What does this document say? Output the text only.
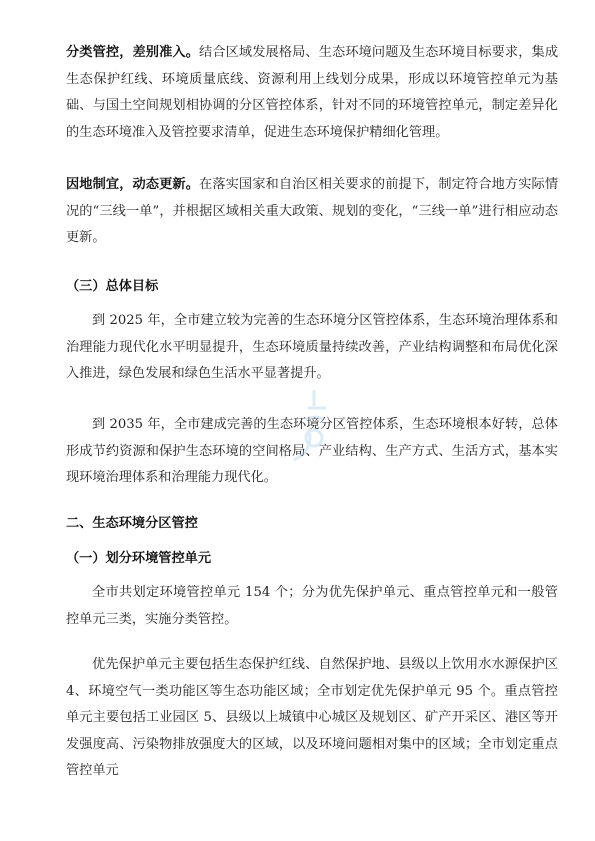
分类管控，差别准入。结合区域发展格局、生态环境问题及生态环境目标要求，集成生态保护红线、环境质量底线、资源利用上线划分成果，形成以环境管控单元为基础、与国土空间规划相协调的分区管控体系，针对不同的环境管控单元，制定差异化的生态环境准入及管控要求清单，促进生态环境保护精细化管理。

因地制宜，动态更新。在落实国家和自治区相关要求的前提下，制定符合地方实际情况的“三线一单”，并根据区域相关重大政策、规划的变化，“三线一单”进行相应动态更新。

（三）总体目标

到 2025 年，全市建立较为完善的生态环境分区管控体系，生态环境治理体系和治理能力现代化水平明显提升，生态环境质量持续改善，产业结构调整和布局优化深入推进，绿色发展和绿色生活水平显著提升。

到 2035 年，全市建成完善的生态环境分区管控体系，生态环境根本好转，总体形成节约资源和保护生态环境的空间格局、产业结构、生产方式、生活方式，基本实现环境治理体系和治理能力现代化。

二、生态环境分区管控

（一）划分环境管控单元

全市共划定环境管控单元 154 个；分为优先保护单元、重点管控单元和一般管控单元三类，实施分类管控。

优先保护单元主要包括生态保护红线、自然保护地、县级以上饮用水水源保护区4、环境空气一类功能区等生态功能区域；全市划定优先保护单元 95 个。重点管控单元主要包括工业园区 5、县级以上城镇中心城区及规划区、矿产开采区、港区等开发强度高、污染物排放强度大的区域，以及环境问题相对集中的区域；全市划定重点管控单元
